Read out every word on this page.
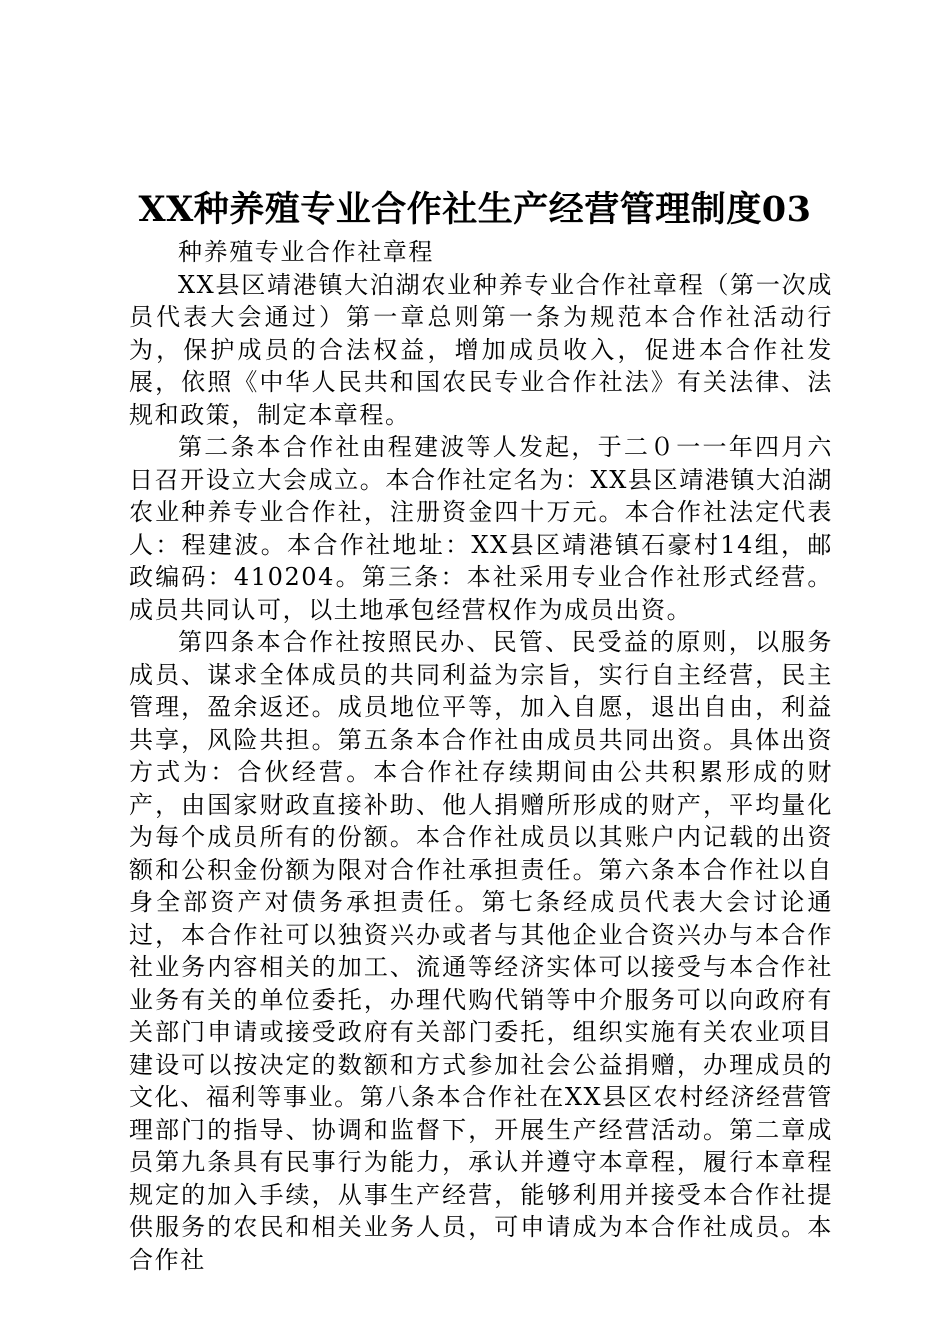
XX种养殖专业合作社生产经营管理制度03

种养殖专业合作社章程

XX县区靖港镇大泊湖农业种养专业合作社章程（第一次成员代表大会通过）第一章总则第一条为规范本合作社活动行为，保护成员的合法权益，增加成员收入，促进本合作社发展，依照《中华人民共和国农民专业合作社法》有关法律、法规和政策，制定本章程。

第二条本合作社由程建波等人发起，于二０一一年四月六日召开设立大会成立。本合作社定名为：XX县区靖港镇大泊湖农业种养专业合作社，注册资金四十万元。本合作社法定代表人：程建波。本合作社地址：XX县区靖港镇石豪村14组，邮政编码：410204。第三条：本社采用专业合作社形式经营。成员共同认可，以土地承包经营权作为成员出资。

第四条本合作社按照民办、民管、民受益的原则，以服务成员、谋求全体成员的共同利益为宗旨，实行自主经营，民主管理，盈余返还。成员地位平等，加入自愿，退出自由，利益共享，风险共担。第五条本合作社由成员共同出资。具体出资方式为：合伙经营。本合作社存续期间由公共积累形成的财产，由国家财政直接补助、他人捐赠所形成的财产，平均量化为每个成员所有的份额。本合作社成员以其账户内记载的出资额和公积金份额为限对合作社承担责任。第六条本合作社以自身全部资产对债务承担责任。第七条经成员代表大会讨论通过，本合作社可以独资兴办或者与其他企业合资兴办与本合作社业务内容相关的加工、流通等经济实体可以接受与本合作社业务有关的单位委托，办理代购代销等中介服务可以向政府有关部门申请或接受政府有关部门委托，组织实施有关农业项目建设可以按决定的数额和方式参加社会公益捐赠，办理成员的文化、福利等事业。第八条本合作社在XX县区农村经济经营管理部门的指导、协调和监督下，开展生产经营活动。第二章成员第九条具有民事行为能力，承认并遵守本章程，履行本章程规定的加入手续，从事生产经营，能够利用并接受本合作社提供服务的农民和相关业务人员，可申请成为本合作社成员。本合作社
